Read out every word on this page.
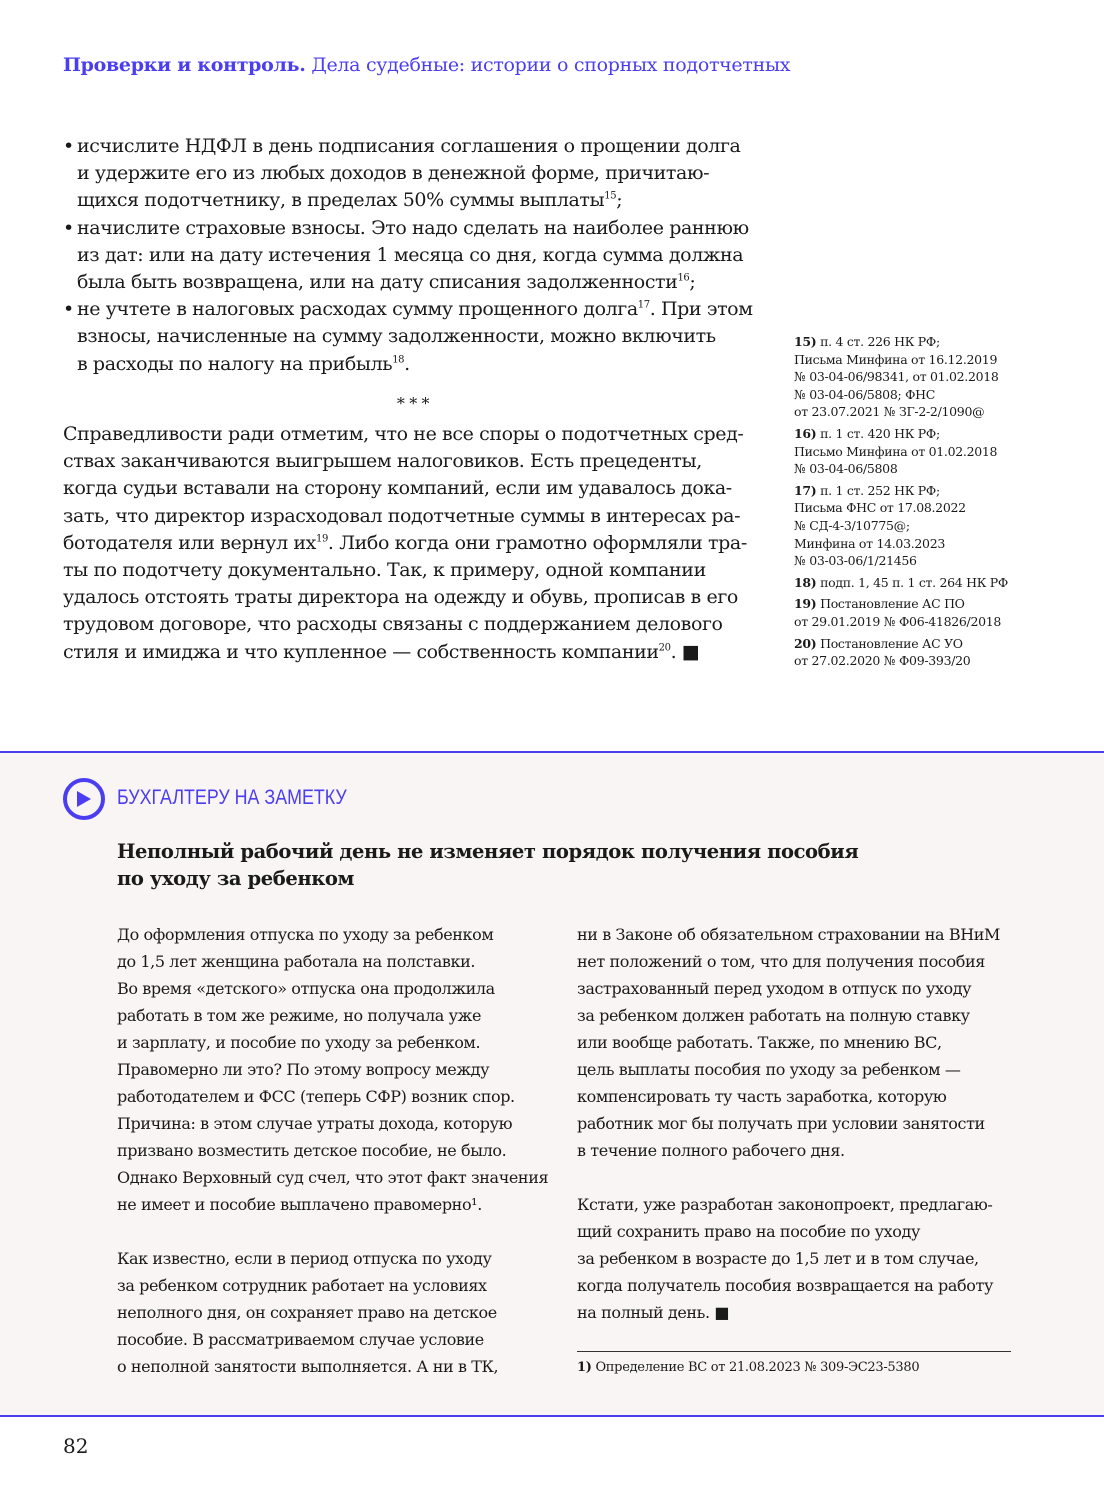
Проверки и контроль. Дела судебные: истории о спорных подотчетных
• исчислите НДФЛ в день подписания соглашения о прощении долга
и удержите его из любых доходов в денежной форме, причитаю-
щихся подотчетнику, в пределах 50% суммы выплаты$^{15}$;
• начислите страховые взносы. Это надо сделать на наиболее раннюю
из дат: или на дату истечения 1 месяца со дня, когда сумма должна
была быть возвращена, или на дату списания задолженности$^{16}$;
• не учтете в налоговых расходах сумму прощенного долга$^{17}$. При этом
взносы, начисленные на сумму задолженности, можно включить
в расходы по налогу на прибыль$^{18}$.
* * *
Справедливости ради отметим, что не все споры о подотчетных сред-
ствах заканчиваются выигрышем налоговиков. Есть прецеденты,
когда судьи вставали на сторону компаний, если им удавалось дока-
зать, что директор израсходовал подотчетные суммы в интересах ра-
ботодателя или вернул $их^{19}$. Либо когда они грамотно оформляли тра-
ты по подотчету документально. Так, к примеру, одной компании
удалось отстоять траты директора на одежду и обувь, прописав в его
трудовом договоре, что расходы связаны с поддержанием делового
стиля и имиджа и что купленное — собственность компании$^{20}$. ■
15) п. 4 ст. 226 НК РФ;
Письма Минфина от 16.12.2019
№ 03-04-06/98341, от 01.02.2018
№ 03-04-06/5808; ФНС
от 23.07.2021 № ЗГ-2-2/1090@
16) п. 1 ст. 420 НК РФ;
Письмо Минфина от 01.02.2018
№ 03-04-06/5808
17) п. 1 ст. 252 НК РФ;
Письма ФНС от 17.08.2022
№ СД-4-3/10775@;
Минфина от 14.03.2023
№ 03-03-06/1/21456
18) подп. 1, 45 п. 1 ст. 264 НК РФ
19) Постановление АС ПО
от 29.01.2019 № Ф06-41826/2018
20) Постановление АС УО
от 27.02.2020 № Ф09-393/20
БУХГАЛТЕРУ НА ЗАМЕТКУ
Неполный рабочий день не изменяет порядок получения пособия
по уходу за ребенком
До оформления отпуска по уходу за ребенком
до 1,5 лет женщина работала на полставки.
Во время «детского» отпуска она продолжила
работать в том же режиме, но получала уже
и зарплату, и пособие по уходу за ребенком.
Правомерно ли это? По этому вопросу между
работодателем и ФСС (теперь СФР) возник спор.
Причина: в этом случае утраты дохода, которую
призвано возместить детское пособие, не было.
Однако Верховный суд счел, что этот факт значения
не имеет и пособие выплачено правомерно¹.
Как известно, если в период отпуска по уходу
за ребенком сотрудник работает на условиях
неполного дня, он сохраняет право на детское
пособие. В рассматриваемом случае условие
о неполной занятости выполняется. А ни в ТК,
ни в Законе об обязательном страховании на ВНиМ
нет положений о том, что для получения пособия
застрахованный перед уходом в отпуск по уходу
за ребенком должен работать на полную ставку
или вообще работать. Также, по мнению ВС,
цель выплаты пособия по уходу за ребенком —
компенсировать ту часть заработка, которую
работник мог бы получать при условии занятости
в течение полного рабочего дня.
Кстати, уже разработан законопроект, предлагаю-
щий сохранить право на пособие по уходу
за ребенком в возрасте до 1,5 лет и в том случае,
когда получатель пособия возвращается на работу
на полный день. ■
1) Определение ВС от 21.08.2023 № 309-ЭС23-5380
82
